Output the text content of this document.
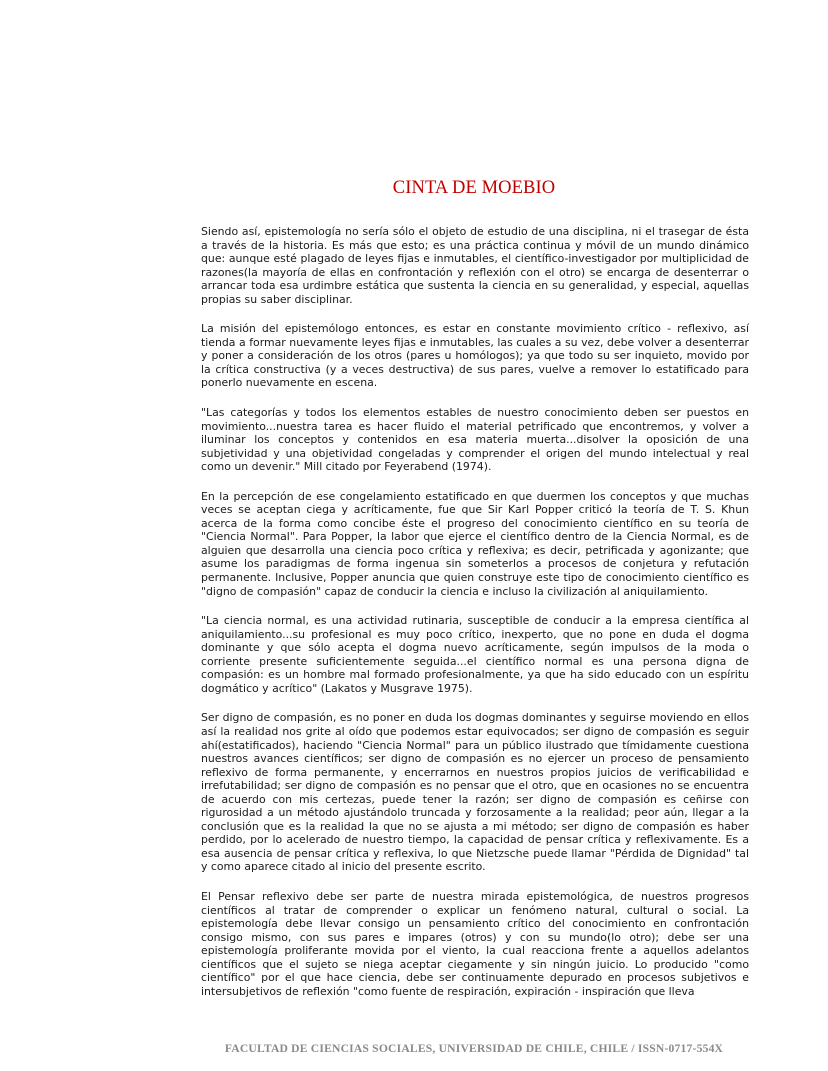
CINTA DE MOEBIO

Siendo así, epistemología no sería sólo el objeto de estudio de una disciplina, ni el trasegar de ésta a través de la historia. Es más que esto; es una práctica continua y móvil de un mundo dinámico que: aunque esté plagado de leyes fijas e inmutables, el científico-investigador por multiplicidad de razones(la mayoría de ellas en confrontación y reflexión con el otro) se encarga de desenterrar o arrancar toda esa urdimbre estática que sustenta la ciencia en su generalidad, y especial, aquellas propias su saber disciplinar.

La misión del epistemólogo entonces, es estar en constante movimiento crítico - reflexivo, así tienda a formar nuevamente leyes fijas e inmutables, las cuales a su vez, debe volver a desenterrar y poner a consideración de los otros (pares u homólogos); ya que todo su ser inquieto, movido por la crítica constructiva (y a veces destructiva) de sus pares, vuelve a remover lo estatificado para ponerlo nuevamente en escena.

"Las categorías y todos los elementos estables de nuestro conocimiento deben ser puestos en movimiento...nuestra tarea es hacer fluido el material petrificado que encontremos, y volver a iluminar los conceptos y contenidos en esa materia muerta...disolver la oposición de una subjetividad y una objetividad congeladas y comprender el origen del mundo intelectual y real como un devenir." Mill citado por Feyerabend (1974).

En la percepción de ese congelamiento estatificado en que duermen los conceptos y que muchas veces se aceptan ciega y acríticamente, fue que Sir Karl Popper criticó la teoría de T. S. Khun acerca de la forma como concibe éste el progreso del conocimiento científico en su teoría de "Ciencia Normal". Para Popper, la labor que ejerce el científico dentro de la Ciencia Normal, es de alguien que desarrolla una ciencia poco crítica y reflexiva; es decir, petrificada y agonizante; que asume los paradigmas de forma ingenua sin someterlos a procesos de conjetura y refutación permanente. Inclusive, Popper anuncia que quien construye este tipo de conocimiento científico es "digno de compasión" capaz de conducir la ciencia e incluso la civilización al aniquilamiento.

"La ciencia normal, es una actividad rutinaria, susceptible de conducir a la empresa científica al aniquilamiento...su profesional es muy poco crítico, inexperto, que no pone en duda el dogma dominante y que sólo acepta el dogma nuevo acríticamente, según impulsos de la moda o corriente presente suficientemente seguida...el científico normal es una persona digna de compasión: es un hombre mal formado profesionalmente, ya que ha sido educado con un espíritu dogmático y acrítico" (Lakatos y Musgrave 1975).

Ser digno de compasión, es no poner en duda los dogmas dominantes y seguirse moviendo en ellos así la realidad nos grite al oído que podemos estar equivocados; ser digno de compasión es seguir ahí(estatificados), haciendo "Ciencia Normal" para un público ilustrado que tímidamente cuestiona nuestros avances científicos; ser digno de compasión es no ejercer un proceso de pensamiento reflexivo de forma permanente, y encerrarnos en nuestros propios juicios de verificabilidad e irrefutabilidad; ser digno de compasión es no pensar que el otro, que en ocasiones no se encuentra de acuerdo con mis certezas, puede tener la razón; ser digno de compasión es ceñirse con rigurosidad a un método ajustándolo truncada y forzosamente a la realidad; peor aún, llegar a la conclusión que es la realidad la que no se ajusta a mi método; ser digno de compasión es haber perdido, por lo acelerado de nuestro tiempo, la capacidad de pensar crítica y reflexivamente. Es a esa ausencia de pensar crítica y reflexiva, lo que Nietzsche puede llamar "Pérdida de Dignidad" tal y como aparece citado al inicio del presente escrito.

El Pensar reflexivo debe ser parte de nuestra mirada epistemológica, de nuestros progresos científicos al tratar de comprender o explicar un fenómeno natural, cultural o social. La epistemología debe llevar consigo un pensamiento crítico del conocimiento en confrontación consigo mismo, con sus pares e impares (otros) y con su mundo(lo otro); debe ser una epistemología proliferante movida por el viento, la cual reacciona frente a aquellos adelantos científicos que el sujeto se niega aceptar ciegamente y sin ningún juicio. Lo producido "como científico" por el que hace ciencia, debe ser continuamente depurado en procesos subjetivos e intersubjetivos de reflexión "como fuente de respiración, expiración - inspiración que lleva

FACULTAD DE CIENCIAS SOCIALES, UNIVERSIDAD DE CHILE, CHILE / ISSN-0717-554X
